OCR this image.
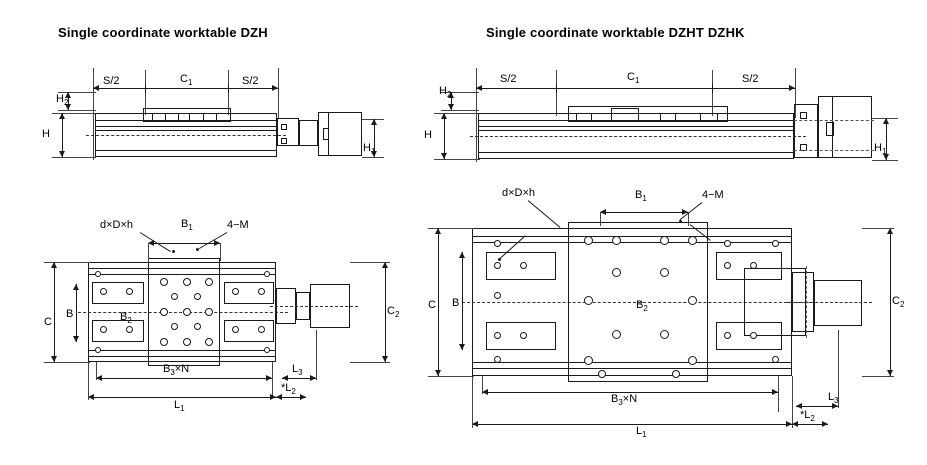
Single coordinate worktable DZH	Single coordinate worktable DZHT DZHK
S/2	$C_1$	S/2
$H_2$
H
$H_1$
C
B	$B_2$
$C_2$
d×D×h	$B_1$	4−M
$B_3\times N$
$L_1$
$L_3$
$*L_2$
S/2	$C_1$	S/2
$H_2$
H
$H_1$
C B	$B_2$
$C_2$
d×D×h	$B_1$	4−M
$B_3\times N$
$L_1$
$L_3$
$*L_2$
